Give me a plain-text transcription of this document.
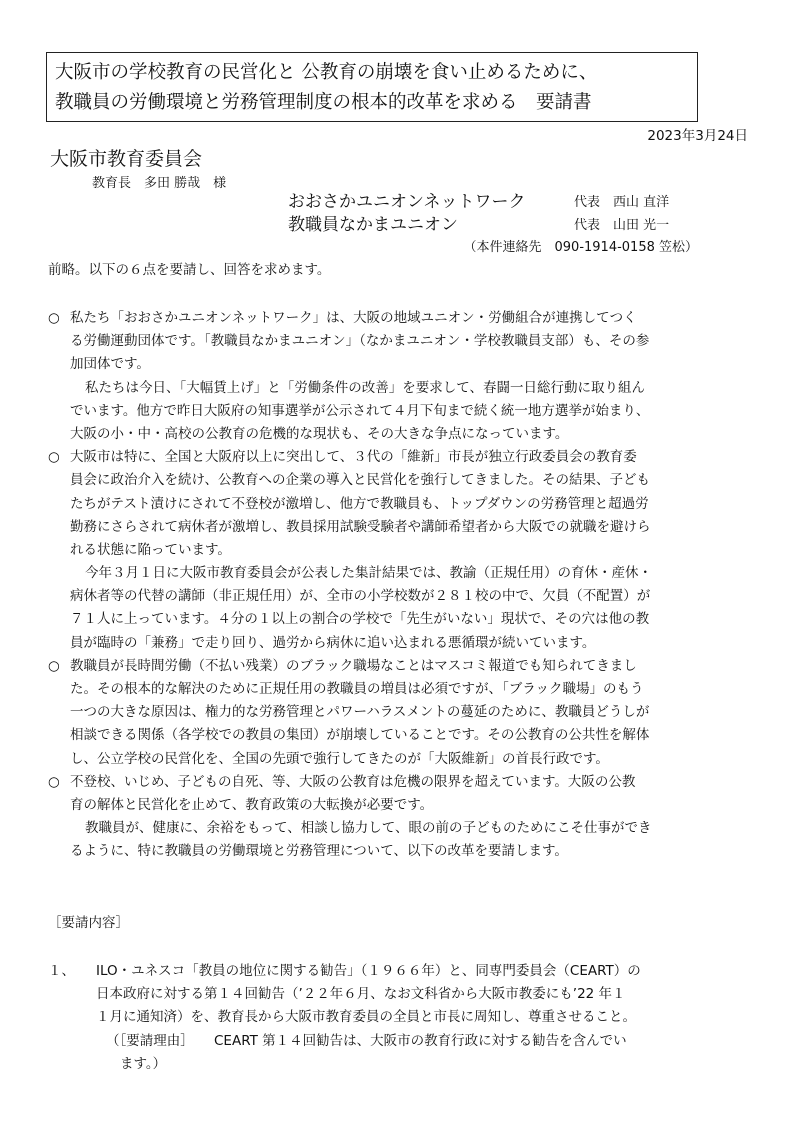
大阪市の学校教育の民営化と 公教育の崩壊を食い止めるために、
教職員の労働環境と労務管理制度の根本的改革を求める　要請書
2023年3月24日
大阪市教育委員会
教育長　多田 勝哉　様
おおさかユニオンネットワーク	代表　西山 直洋
教職員なかまユニオン	代表　山田 光一
（本件連絡先　090-1914-0158 笠松）
前略。以下の６点を要請し、回答を求めます。
○ 私たち「おおさかユニオンネットワーク」は、大阪の地域ユニオン・労働組合が連携してつく
る労働運動団体です。「教職員なかまユニオン」（なかまユニオン・学校教職員支部）も、その参
加団体です。
私たちは今日、「大幅賃上げ」と「労働条件の改善」を要求して、春闘一日総行動に取り組ん
でいます。他方で昨日大阪府の知事選挙が公示されて４月下旬まで続く統一地方選挙が始まり、
大阪の小・中・高校の公教育の危機的な現状も、その大きな争点になっています。
○ 大阪市は特に、全国と大阪府以上に突出して、３代の「維新」市長が独立行政委員会の教育委
員会に政治介入を続け、公教育への企業の導入と民営化を強行してきました。その結果、子ども
たちがテスト漬けにされて不登校が激増し、他方で教職員も、トップダウンの労務管理と超過労
勤務にさらされて病休者が激増し、教員採用試験受験者や講師希望者から大阪での就職を避けら
れる状態に陥っています。
今年３月１日に大阪市教育委員会が公表した集計結果では、教諭（正規任用）の育休・産休・
病休者等の代替の講師（非正規任用）が、全市の小学校数が２８１校の中で、欠員（不配置）が
７１人に上っています。４分の１以上の割合の学校で「先生がいない」現状で、その穴は他の教
員が臨時の「兼務」で走り回り、過労から病休に追い込まれる悪循環が続いています。
○ 教職員が長時間労働（不払い残業）のブラック職場なことはマスコミ報道でも知られてきまし
た。その根本的な解決のために正規任用の教職員の増員は必須ですが、「ブラック職場」のもう
一つの大きな原因は、権力的な労務管理とパワーハラスメントの蔓延のために、教職員どうしが
相談できる関係（各学校での教員の集団）が崩壊していることです。その公教育の公共性を解体
し、公立学校の民営化を、全国の先頭で強行してきたのが「大阪維新」の首長行政です。
○ 不登校、いじめ、子どもの自死、等、大阪の公教育は危機の限界を超えています。大阪の公教
育の解体と民営化を止めて、教育政策の大転換が必要です。
教職員が、健康に、余裕をもって、相談し協力して、眼の前の子どものためにこそ仕事ができ
るように、特に教職員の労働環境と労務管理について、以下の改革を要請します。
［要請内容］
１、 ILO・ユネスコ「教員の地位に関する勧告」（１９６６年）と、同専門委員会（CEART）の
日本政府に対する第１４回勧告（’２２年６月、なお文科省から大阪市教委にも’22 年１
１月に通知済）を、教育長から大阪市教育委員の全員と市長に周知し、尊重させること。
（［要請理由］　　CEART 第１４回勧告は、大阪市の教育行政に対する勧告を含んでい
ます。）
